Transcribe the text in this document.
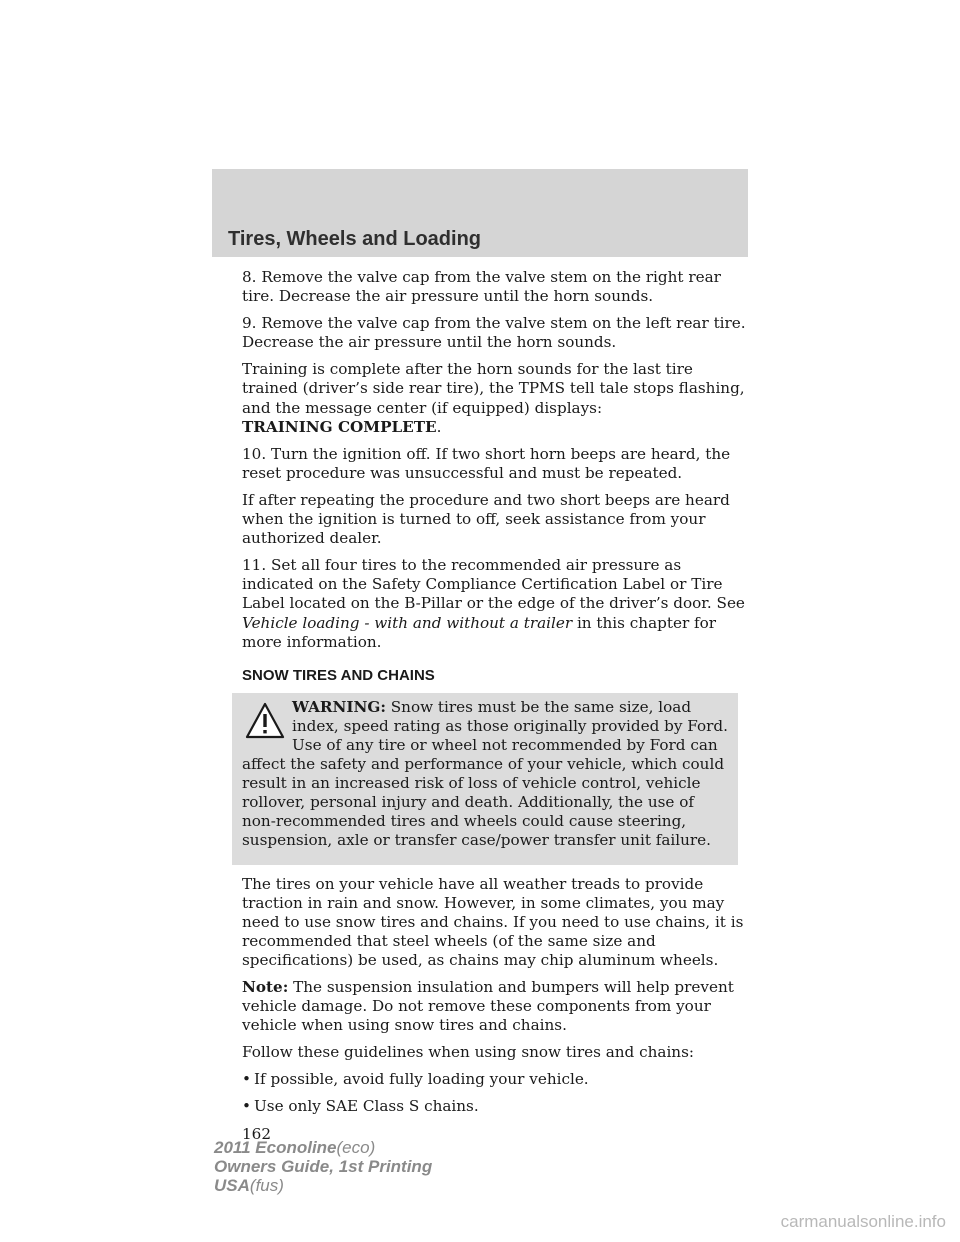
Tires, Wheels and Loading

8. Remove the valve cap from the valve stem on the right rear tire. Decrease the air pressure until the horn sounds.

9. Remove the valve cap from the valve stem on the left rear tire. Decrease the air pressure until the horn sounds.

Training is complete after the horn sounds for the last tire trained (driver’s side rear tire), the TPMS tell tale stops flashing, and the message center (if equipped) displays:
TRAINING COMPLETE.

10. Turn the ignition off. If two short horn beeps are heard, the reset procedure was unsuccessful and must be repeated.

If after repeating the procedure and two short beeps are heard when the ignition is turned to off, seek assistance from your authorized dealer.

11. Set all four tires to the recommended air pressure as indicated on the Safety Compliance Certification Label or Tire Label located on the B-Pillar or the edge of the driver’s door. See Vehicle loading - with and without a trailer in this chapter for more information.

SNOW TIRES AND CHAINS

WARNING: Snow tires must be the same size, load index, speed rating as those originally provided by Ford. Use of any tire or wheel not recommended by Ford can affect the safety and performance of your vehicle, which could result in an increased risk of loss of vehicle control, vehicle rollover, personal injury and death. Additionally, the use of non-recommended tires and wheels could cause steering, suspension, axle or transfer case/power transfer unit failure.

The tires on your vehicle have all weather treads to provide traction in rain and snow. However, in some climates, you may need to use snow tires and chains. If you need to use chains, it is recommended that steel wheels (of the same size and specifications) be used, as chains may chip aluminum wheels.

Note: The suspension insulation and bumpers will help prevent vehicle damage. Do not remove these components from your vehicle when using snow tires and chains.

Follow these guidelines when using snow tires and chains:

• If possible, avoid fully loading your vehicle.

• Use only SAE Class S chains.

162
2011 Econoline(eco)
Owners Guide, 1st Printing
USA(fus)
carmanualsonline.info
